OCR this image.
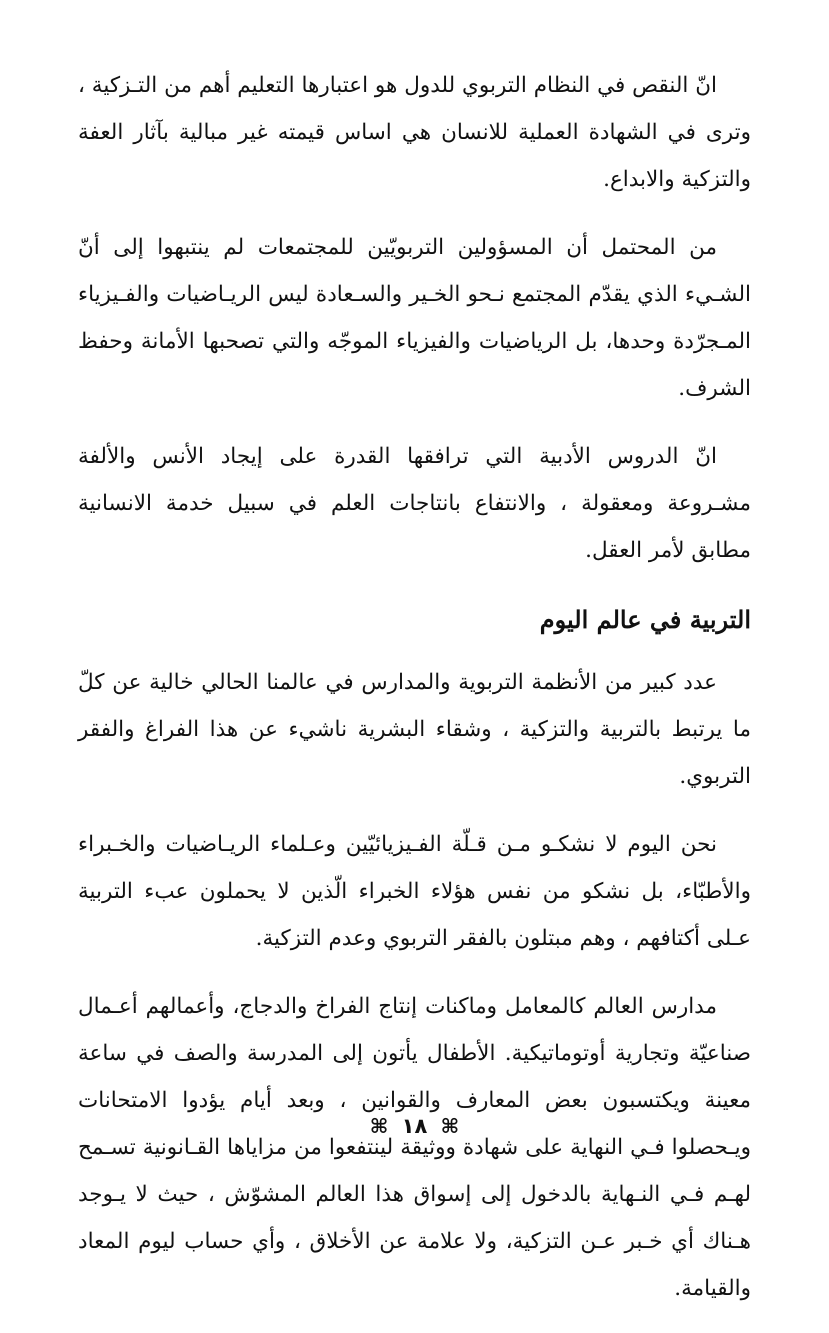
انّ النقص في النظام التربوي للدول هو اعتبارها التعليم أهم من التـزكية ، وترى في الشهادة العملية للانسان هي اساس قيمته غير مبالية بآثار العفة والتزكية والابداع.

من المحتمل أن المسؤولين التربويّين للمجتمعات لم ينتبهوا إلى أنّ الشـيء الذي يقدّم المجتمع نـحو الخـير والسـعادة ليس الريـاضيات والفـيزياء المـجرّدة وحدها، بل الرياضيات والفيزياء الموجّه والتي تصحبها الأمانة وحفظ الشرف.

انّ الدروس الأدبية التي ترافقها القدرة على إيجاد الأنس والألفة مشـروعة ومعقولة ، والانتفاع بانتاجات العلم في سبيل خدمة الانسانية مطابق لأمر العقل.

التربية في عالم اليوم

عدد كبير من الأنظمة التربوية والمدارس في عالمنا الحالي خالية عن كلّ ما يرتبط بالتربية والتزكية ، وشقاء البشرية ناشيء عن هذا الفراغ والفقر التربوي.

نحن اليوم لا نشكـو مـن قـلّة الفـيزيائيّين وعـلماء الريـاضيات والخـبراء والأطبّاء، بل نشكو من نفس هؤلاء الخبراء الّذين لا يحملون عبء التربية عـلى أكتافهم ، وهم مبتلون بالفقر التربوي وعدم التزكية.

مدارس العالم كالمعامل وماكنات إنتاج الفراخ والدجاج، وأعمالهم أعـمال صناعيّة وتجارية أوتوماتيكية. الأطفال يأتون إلى المدرسة والصف في ساعة معينة ويكتسبون بعض المعارف والقوانين ، وبعد أيام يؤدوا الامتحانات ويـحصلوا فـي النهاية على شهادة ووثيقة لينتفعوا من مزاياها القـانونية تسـمح لهـم فـي النـهاية بالدخول إلى إسواق هذا العالم المشوّش ، حيث لا يـوجد هـناك أي خـبر عـن التزكية، ولا علامة عن الأخلاق ، وأي حساب ليوم المعاد والقيامة.

⌘ ١٨ ⌘
